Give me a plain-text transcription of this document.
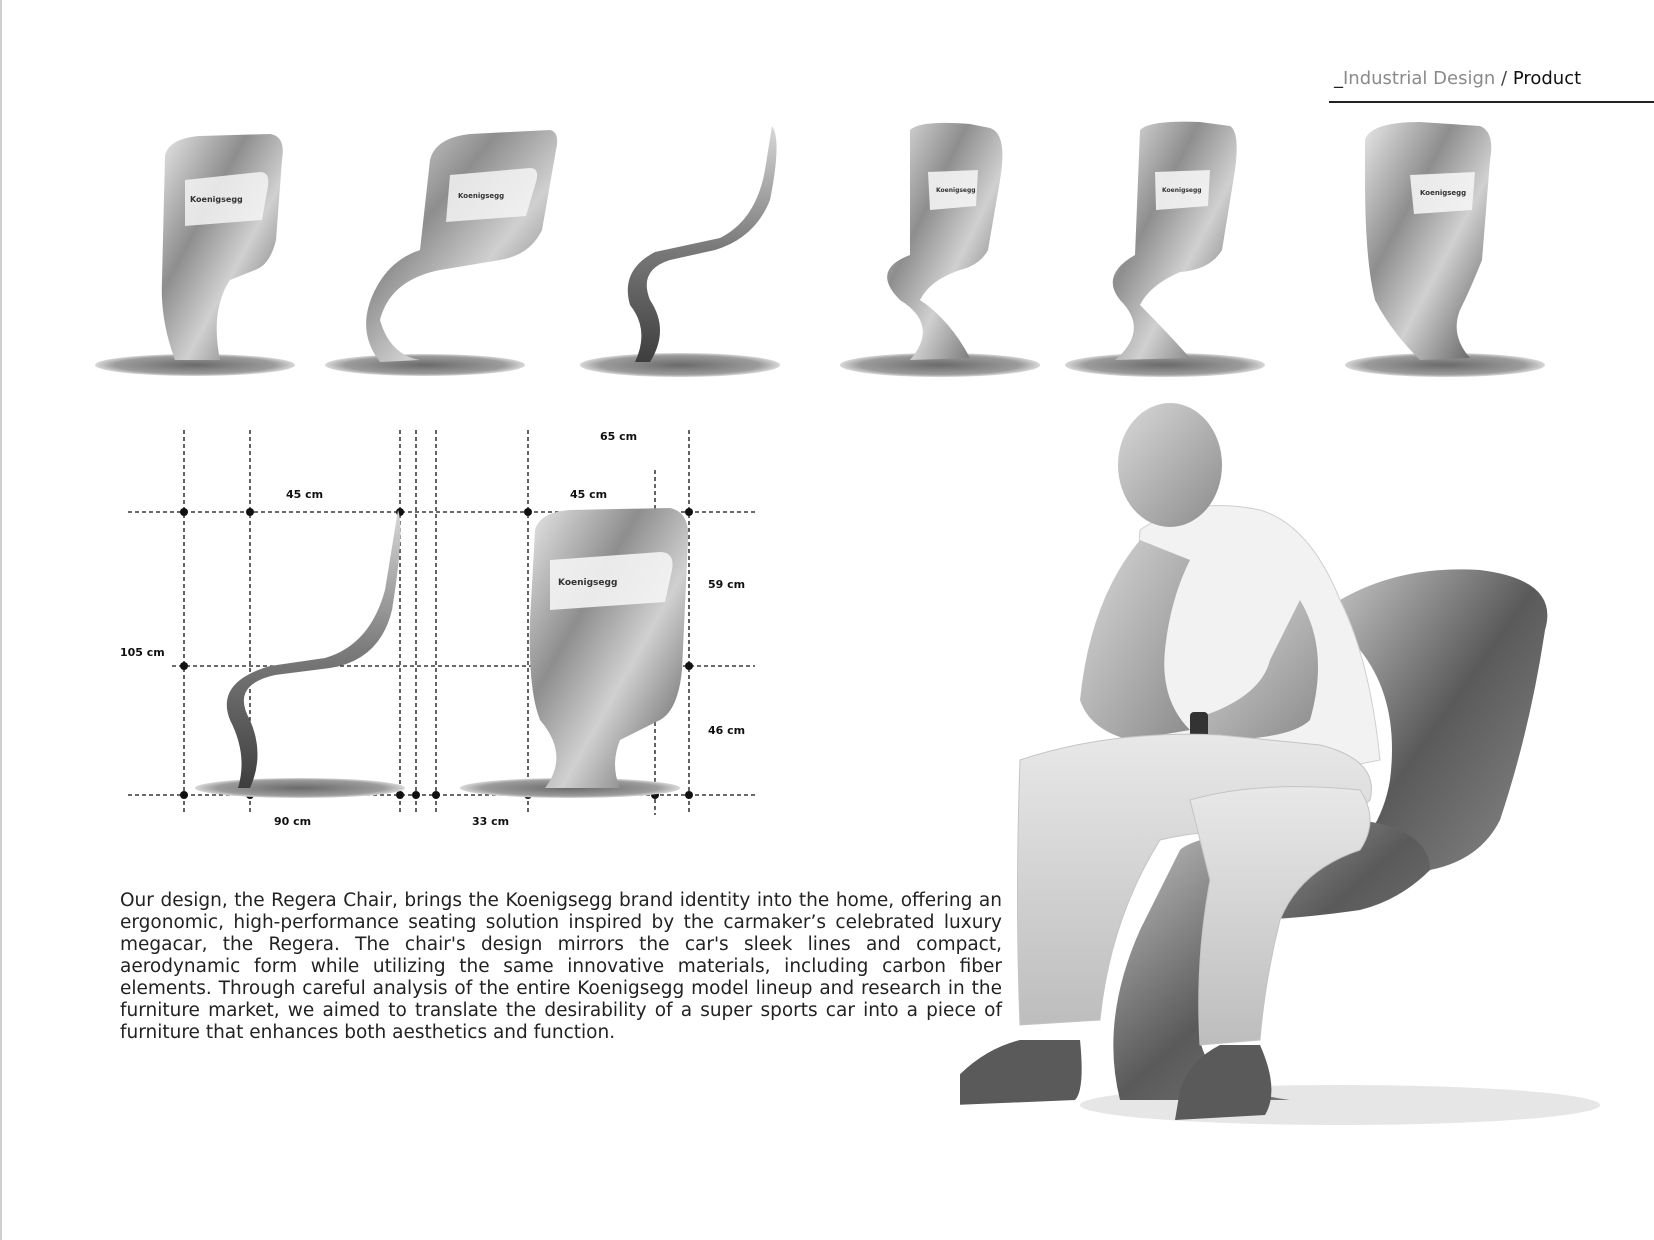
_Industrial Design / Product
Koenigsegg	Koenigsegg
Koenigsegg	Koenigsegg	Koenigsegg
Koenigsegg
45 cm	45 cm
65 cm
105 cm
59 cm
46 cm
90 cm	33 cm

Our design, the Regera Chair, brings the Koenigsegg brand identity into the home, offering an ergonomic, high-performance seating solution inspired by the carmaker’s celebrated luxury megacar, the Regera. The chair's design mirrors the car's sleek lines and compact, aerodynamic form while utilizing the same innovative materials, including carbon fiber elements. Through careful analysis of the entire Koenigsegg model lineup and research in the furniture market, we aimed to translate the desirability of a super sports car into a piece of furniture that enhances both aesthetics and function.
